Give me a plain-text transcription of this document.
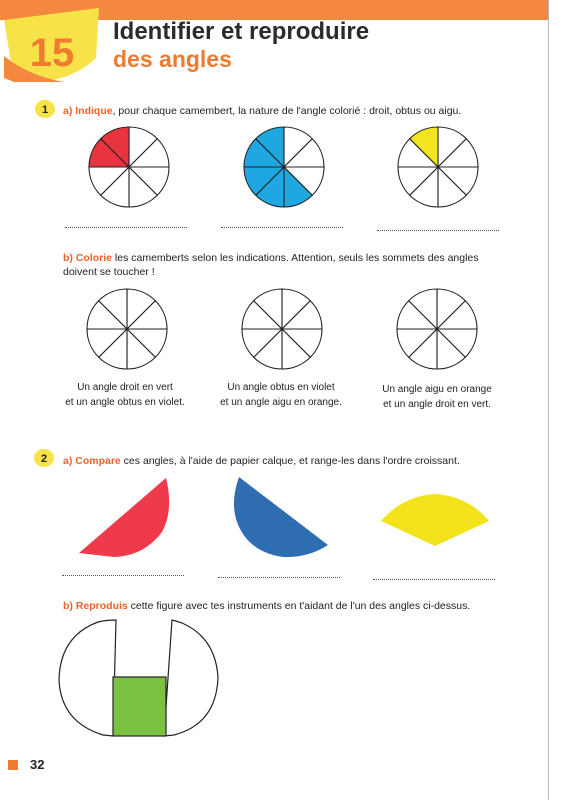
15 Identifier et reproduire
des angles
1 a) Indique, pour chaque camembert, la nature de l'angle colorié : droit, obtus ou aigu.
b) Colorie les camemberts selon les indications. Attention, seuls les sommets des angles
doivent se toucher !
Un angle droit en vert
et un angle obtus en violet.
Un angle obtus en violet
et un angle aigu en orange.
Un angle aigu en orange
et un angle droit en vert.
2 a) Compare ces angles, à l'aide de papier calque, et range-les dans l'ordre croissant.
b) Reproduis cette figure avec tes instruments en t'aidant de l'un des angles ci-dessus.
32
